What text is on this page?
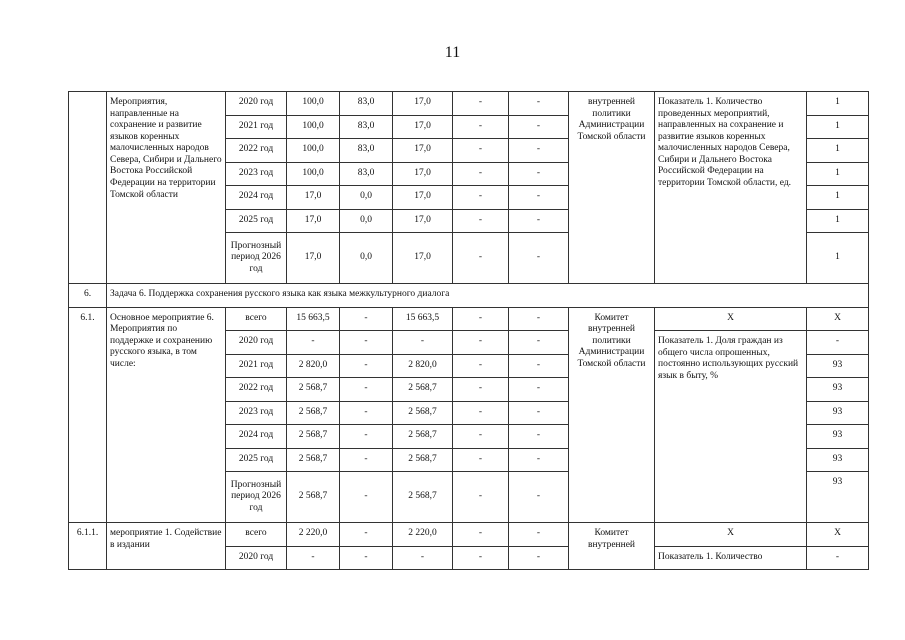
11
	Мероприятия, направленные на сохранение и развитие языков коренных малочисленных народов Севера, Сибири и Дальнего Востока Российской Федерации на территории Томской области	2020 год	100,0	83,0	17,0	-	-	внутренней политики Администрации Томской области	Показатель 1. Количество проведенных мероприятий, направленных на сохранение и развитие языков коренных малочисленных народов Севера, Сибири и Дальнего Востока Российской Федерации на территории Томской области, ед.	1
		2021 год	100,0	83,0	17,0	-	-			1
		2022 год	100,0	83,0	17,0	-	-			1
		2023 год	100,0	83,0	17,0	-	-			1
		2024 год	17,0	0,0	17,0	-	-			1
		2025 год	17,0	0,0	17,0	-	-			1
		Прогнозный период 2026 год	17,0	0,0	17,0	-	-			1
6.	Задача 6. Поддержка сохранения русского языка как языка межкультурного диалога									
6.1.	Основное мероприятие 6. Мероприятия по поддержке и сохранению русского языка, в том числе:	всего	15 663,5	-	15 663,5	-	-	Комитет внутренней политики Администрации Томской области	Х	Х
		2020 год	-	-	-	-	-		Показатель 1. Доля граждан из общего числа опрошенных, постоянно использующих русский язык в быту, %	-
		2021 год	2 820,0	-	2 820,0	-	-			93
		2022 год	2 568,7	-	2 568,7	-	-			93
		2023 год	2 568,7	-	2 568,7	-	-			93
		2024 год	2 568,7	-	2 568,7	-	-			93
		2025 год	2 568,7	-	2 568,7	-	-			93
		Прогнозный период 2026 год	2 568,7	-	2 568,7	-	-			93
6.1.1.	мероприятие 1. Содействие в издании	всего	2 220,0	-	2 220,0	-	-	Комитет внутренней	Х	Х
		2020 год	-	-	-	-	-		Показатель 1. Количество	-
